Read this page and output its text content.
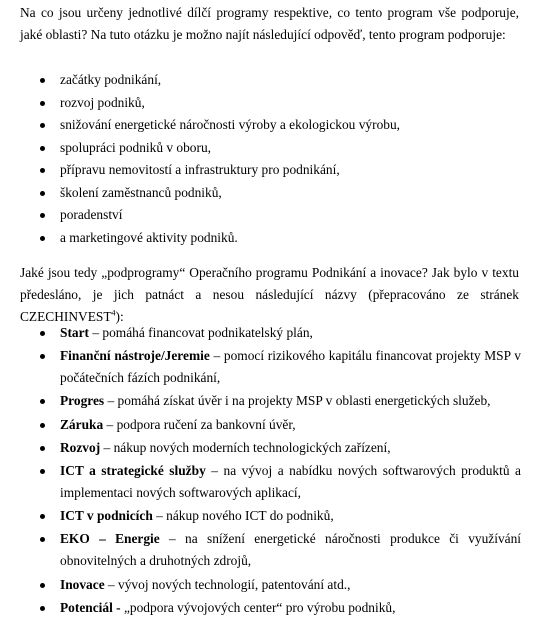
Na co jsou určeny jednotlivé dílčí programy respektive, co tento program vše podporuje, jaké oblasti? Na tuto otázku je možno najít následující odpověď, tento program podporuje:

začátky podnikání,
rozvoj podniků,
snižování energetické náročnosti výroby a ekologickou výrobu,
spolupráci podniků v oboru,
přípravu nemovitostí a infrastruktury pro podnikání,
školení zaměstnanců podniků,
poradenství
a marketingové aktivity podniků.

Jaké jsou tedy „podprogramy“ Operačního programu Podnikání a inovace? Jak bylo v textu předesláno, je jich patnáct a nesou následující názvy (přepracováno ze stránek CZECHINVEST$^4$):

Start – pomáhá financovat podnikatelský plán,
Finanční nástroje/Jeremie – pomocí rizikového kapitálu financovat projekty MSP v počátečních fázích podnikání,
Progres – pomáhá získat úvěr i na projekty MSP v oblasti energetických služeb,
Záruka – podpora ručení za bankovní úvěr,
Rozvoj – nákup nových moderních technologických zařízení,
ICT a strategické služby – na vývoj a nabídku nových softwarových produktů a implementaci nových softwarových aplikací,
ICT v podnicích – nákup nového ICT do podniků,
EKO – Energie – na snížení energetické náročnosti produkce či využívání obnovitelných a druhotných zdrojů,
Inovace – vývoj nových technologií, patentování atd.,
Potenciál - „podpora vývojových center“ pro výrobu podniků,
